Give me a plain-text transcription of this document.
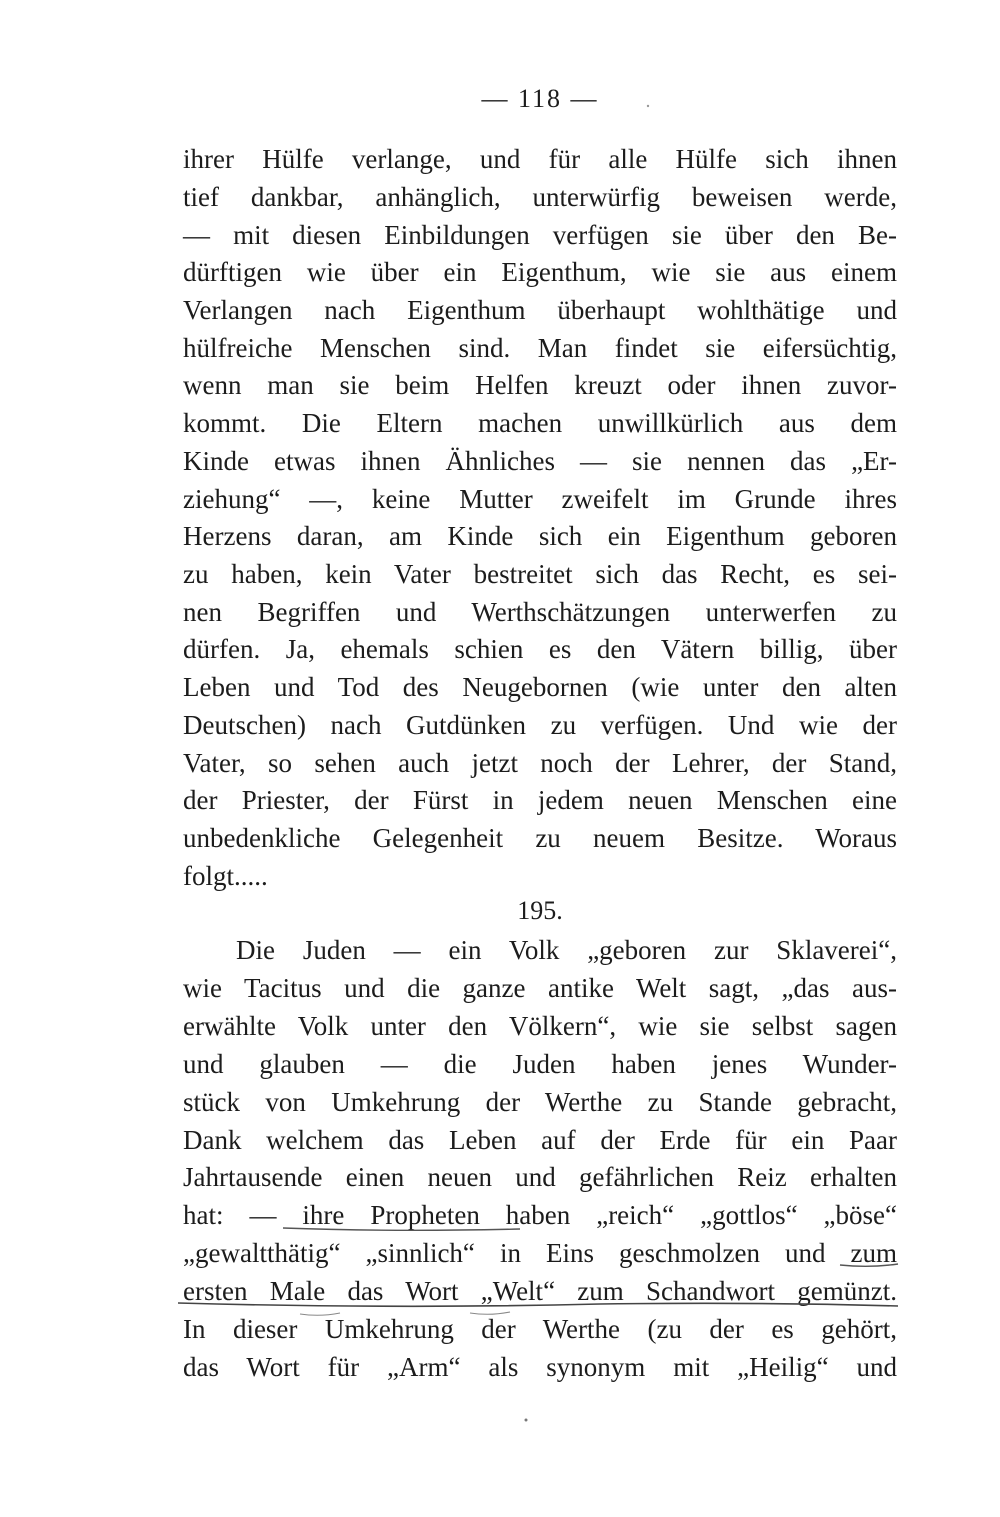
— 118 —
ihrer Hülfe verlange, und für alle Hülfe sich ihnen
tief dankbar, anhänglich, unterwürfig beweisen werde,
— mit diesen Einbildungen verfügen sie über den Be-
dürftigen wie über ein Eigenthum, wie sie aus einem
Verlangen nach Eigenthum überhaupt wohlthätige und
hülfreiche Menschen sind. Man findet sie eifersüchtig,
wenn man sie beim Helfen kreuzt oder ihnen zuvor-
kommt. Die Eltern machen unwillkürlich aus dem
Kinde etwas ihnen Ähnliches — sie nennen das „Er-
ziehung“ —, keine Mutter zweifelt im Grunde ihres
Herzens daran, am Kinde sich ein Eigenthum geboren
zu haben, kein Vater bestreitet sich das Recht, es sei-
nen Begriffen und Werthschätzungen unterwerfen zu
dürfen. Ja, ehemals schien es den Vätern billig, über
Leben und Tod des Neugebornen (wie unter den alten
Deutschen) nach Gutdünken zu verfügen. Und wie der
Vater, so sehen auch jetzt noch der Lehrer, der Stand,
der Priester, der Fürst in jedem neuen Menschen eine
unbedenkliche Gelegenheit zu neuem Besitze. Woraus
folgt.....
195.
Die Juden — ein Volk „geboren zur Sklaverei“,
wie Tacitus und die ganze antike Welt sagt, „das aus-
erwählte Volk unter den Völkern“, wie sie selbst sagen
und glauben — die Juden haben jenes Wunder-
stück von Umkehrung der Werthe zu Stande gebracht,
Dank welchem das Leben auf der Erde für ein Paar
Jahrtausende einen neuen und gefährlichen Reiz erhalten
hat: — ihre Propheten haben „reich“ „gottlos“ „böse“
„gewaltthätig“ „sinnlich“ in Eins geschmolzen und zum
ersten Male das Wort „Welt“ zum Schandwort gemünzt.
In dieser Umkehrung der Werthe (zu der es gehört,
das Wort für „Arm“ als synonym mit „Heilig“ und
